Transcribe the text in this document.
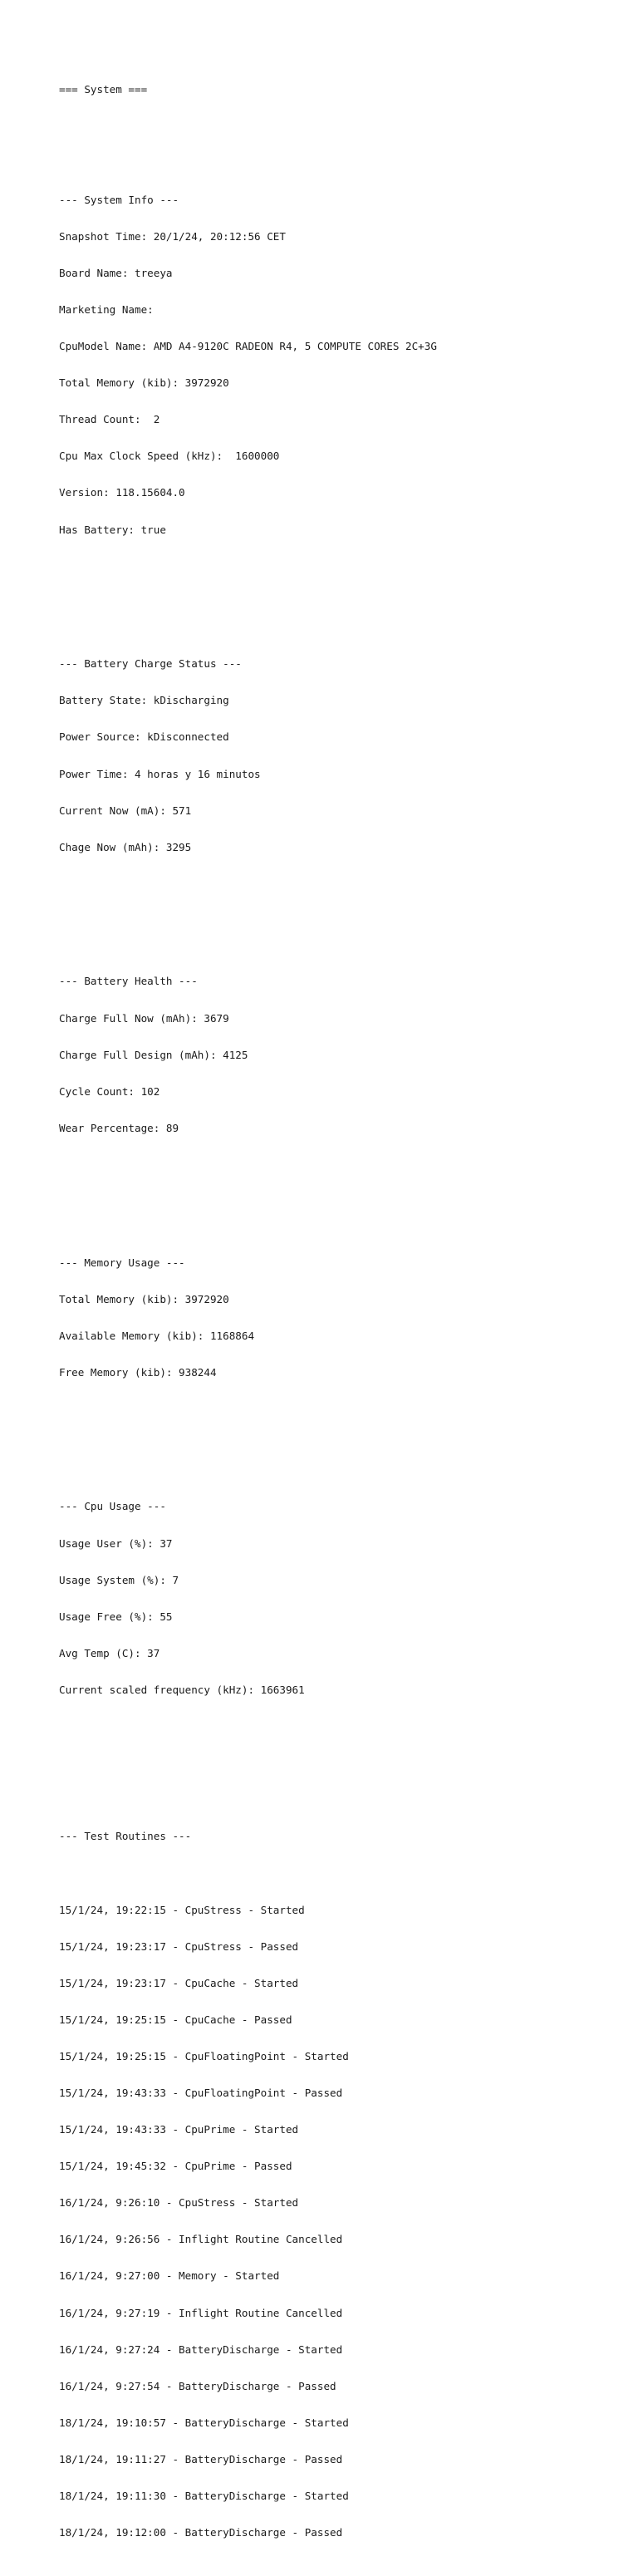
=== System ===

--- System Info ---

Snapshot Time: 20/1/24, 20:12:56 CET

Board Name: treeya

Marketing Name:

CpuModel Name: AMD A4-9120C RADEON R4, 5 COMPUTE CORES 2C+3G

Total Memory (kib): 3972920

Thread Count:  2

Cpu Max Clock Speed (kHz):  1600000

Version: 118.15604.0

Has Battery: true

--- Battery Charge Status ---

Battery State: kDischarging

Power Source: kDisconnected

Power Time: 4 horas y 16 minutos

Current Now (mA): 571

Chage Now (mAh): 3295

--- Battery Health ---

Charge Full Now (mAh): 3679

Charge Full Design (mAh): 4125

Cycle Count: 102

Wear Percentage: 89

--- Memory Usage ---

Total Memory (kib): 3972920

Available Memory (kib): 1168864

Free Memory (kib): 938244

--- Cpu Usage ---

Usage User (%): 37

Usage System (%): 7

Usage Free (%): 55

Avg Temp (C): 37

Current scaled frequency (kHz): 1663961

--- Test Routines ---

15/1/24, 19:22:15 - CpuStress - Started

15/1/24, 19:23:17 - CpuStress - Passed

15/1/24, 19:23:17 - CpuCache - Started

15/1/24, 19:25:15 - CpuCache - Passed

15/1/24, 19:25:15 - CpuFloatingPoint - Started

15/1/24, 19:43:33 - CpuFloatingPoint - Passed

15/1/24, 19:43:33 - CpuPrime - Started

15/1/24, 19:45:32 - CpuPrime - Passed

16/1/24, 9:26:10 - CpuStress - Started

16/1/24, 9:26:56 - Inflight Routine Cancelled

16/1/24, 9:27:00 - Memory - Started

16/1/24, 9:27:19 - Inflight Routine Cancelled

16/1/24, 9:27:24 - BatteryDischarge - Started

16/1/24, 9:27:54 - BatteryDischarge - Passed

18/1/24, 19:10:57 - BatteryDischarge - Started

18/1/24, 19:11:27 - BatteryDischarge - Passed

18/1/24, 19:11:30 - BatteryDischarge - Started

18/1/24, 19:12:00 - BatteryDischarge - Passed
